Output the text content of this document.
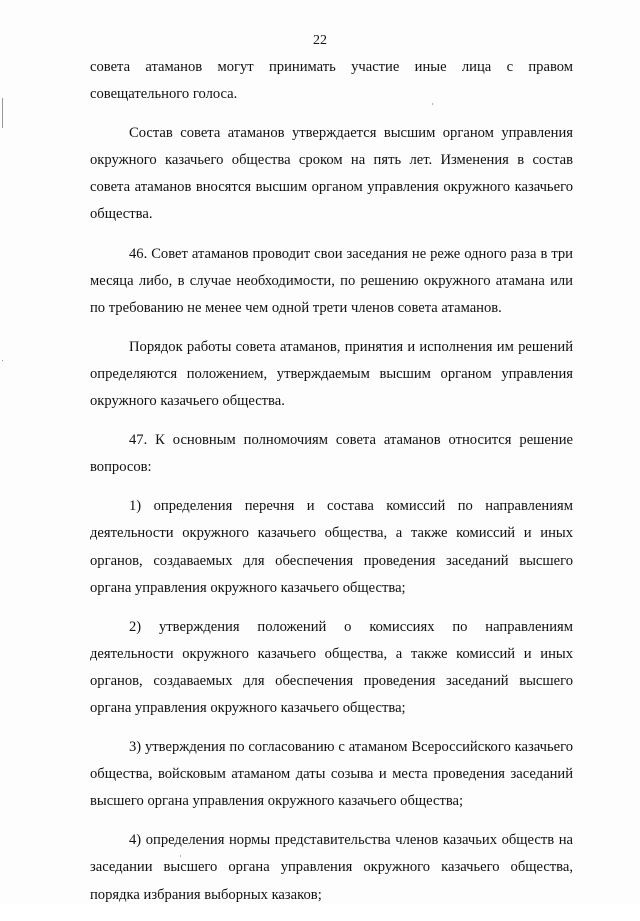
22

совета атаманов могут принимать участие иные лица с правом совещательного голоса.

Состав совета атаманов утверждается высшим органом управления окружного казачьего общества сроком на пять лет. Изменения в состав совета атаманов вносятся высшим органом управления окружного казачьего общества.

46. Совет атаманов проводит свои заседания не реже одного раза в три месяца либо, в случае необходимости, по решению окружного атамана или по требованию не менее чем одной трети членов совета атаманов.

Порядок работы совета атаманов, принятия и исполнения им решений определяются положением, утверждаемым высшим органом управления окружного казачьего общества.

47. К основным полномочиям совета атаманов относится решение вопросов:

1) определения перечня и состава комиссий по направлениям деятельности окружного казачьего общества, а также комиссий и иных органов, создаваемых для обеспечения проведения заседаний высшего органа управления окружного казачьего общества;

2) утверждения положений о комиссиях по направлениям деятельности окружного казачьего общества, а также комиссий и иных органов, создаваемых для обеспечения проведения заседаний высшего органа управления окружного казачьего общества;

3) утверждения по согласованию с атаманом Всероссийского казачьего общества, войсковым атаманом даты созыва и места проведения заседаний высшего органа управления окружного казачьего общества;

4) определения нормы представительства членов казачьих обществ на заседании высшего органа управления окружного казачьего общества, порядка избрания выборных казаков;
